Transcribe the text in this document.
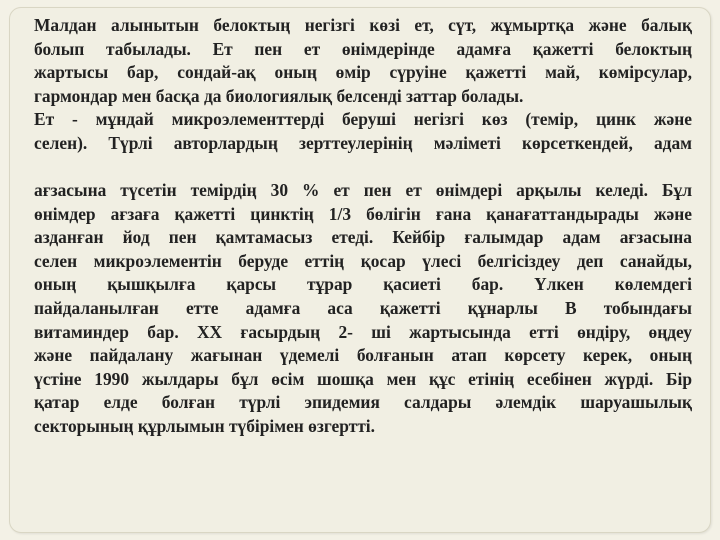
Малдан алынытын белоктың негізгі көзі ет, сүт, жұмыртқа және балық
болып табылады. Ет пен ет өнімдерінде адамға қажетті белоктың
жартысы бар, сондай-ақ оның өмір сүруіне қажетті май, көмірсулар,
гармондар мен басқа да биологиялық белсенді заттар болады.
Ет - мұндай микроэлементтерді беруші негізгі көз (темір, цинк және
селен). Түрлі авторлардың зерттеулерінің мәліметі көрсеткендей, адам
ағзасына түсетін темірдің 30 % ет пен ет өнімдері арқылы келеді. Бұл
өнімдер ағзаға қажетті цинктің 1/3 бөлігін ғана қанағаттандырады және
азданған йод пен қамтамасыз етеді. Кейбір ғалымдар адам ағзасына
селен микроэлементін беруде еттің қосар үлесі белгісіздеу деп санайды,
оның қышқылға қарсы тұрар қасиеті бар. Үлкен көлемдегі
пайдаланылған етте адамға аса қажетті құнарлы В тобындағы
витаминдер бар. XX ғасырдың 2- ші жартысында етті өндіру, өңдеу
және пайдалану жағынан үдемелі болғанын атап көрсету керек, оның
үстіне 1990 жылдары бұл өсім шошқа мен құс етінің есебінен жүрді. Бір
қатар елде болған түрлі эпидемия салдары әлемдік шаруашылық
секторының құрлымын түбірімен өзгертті.
